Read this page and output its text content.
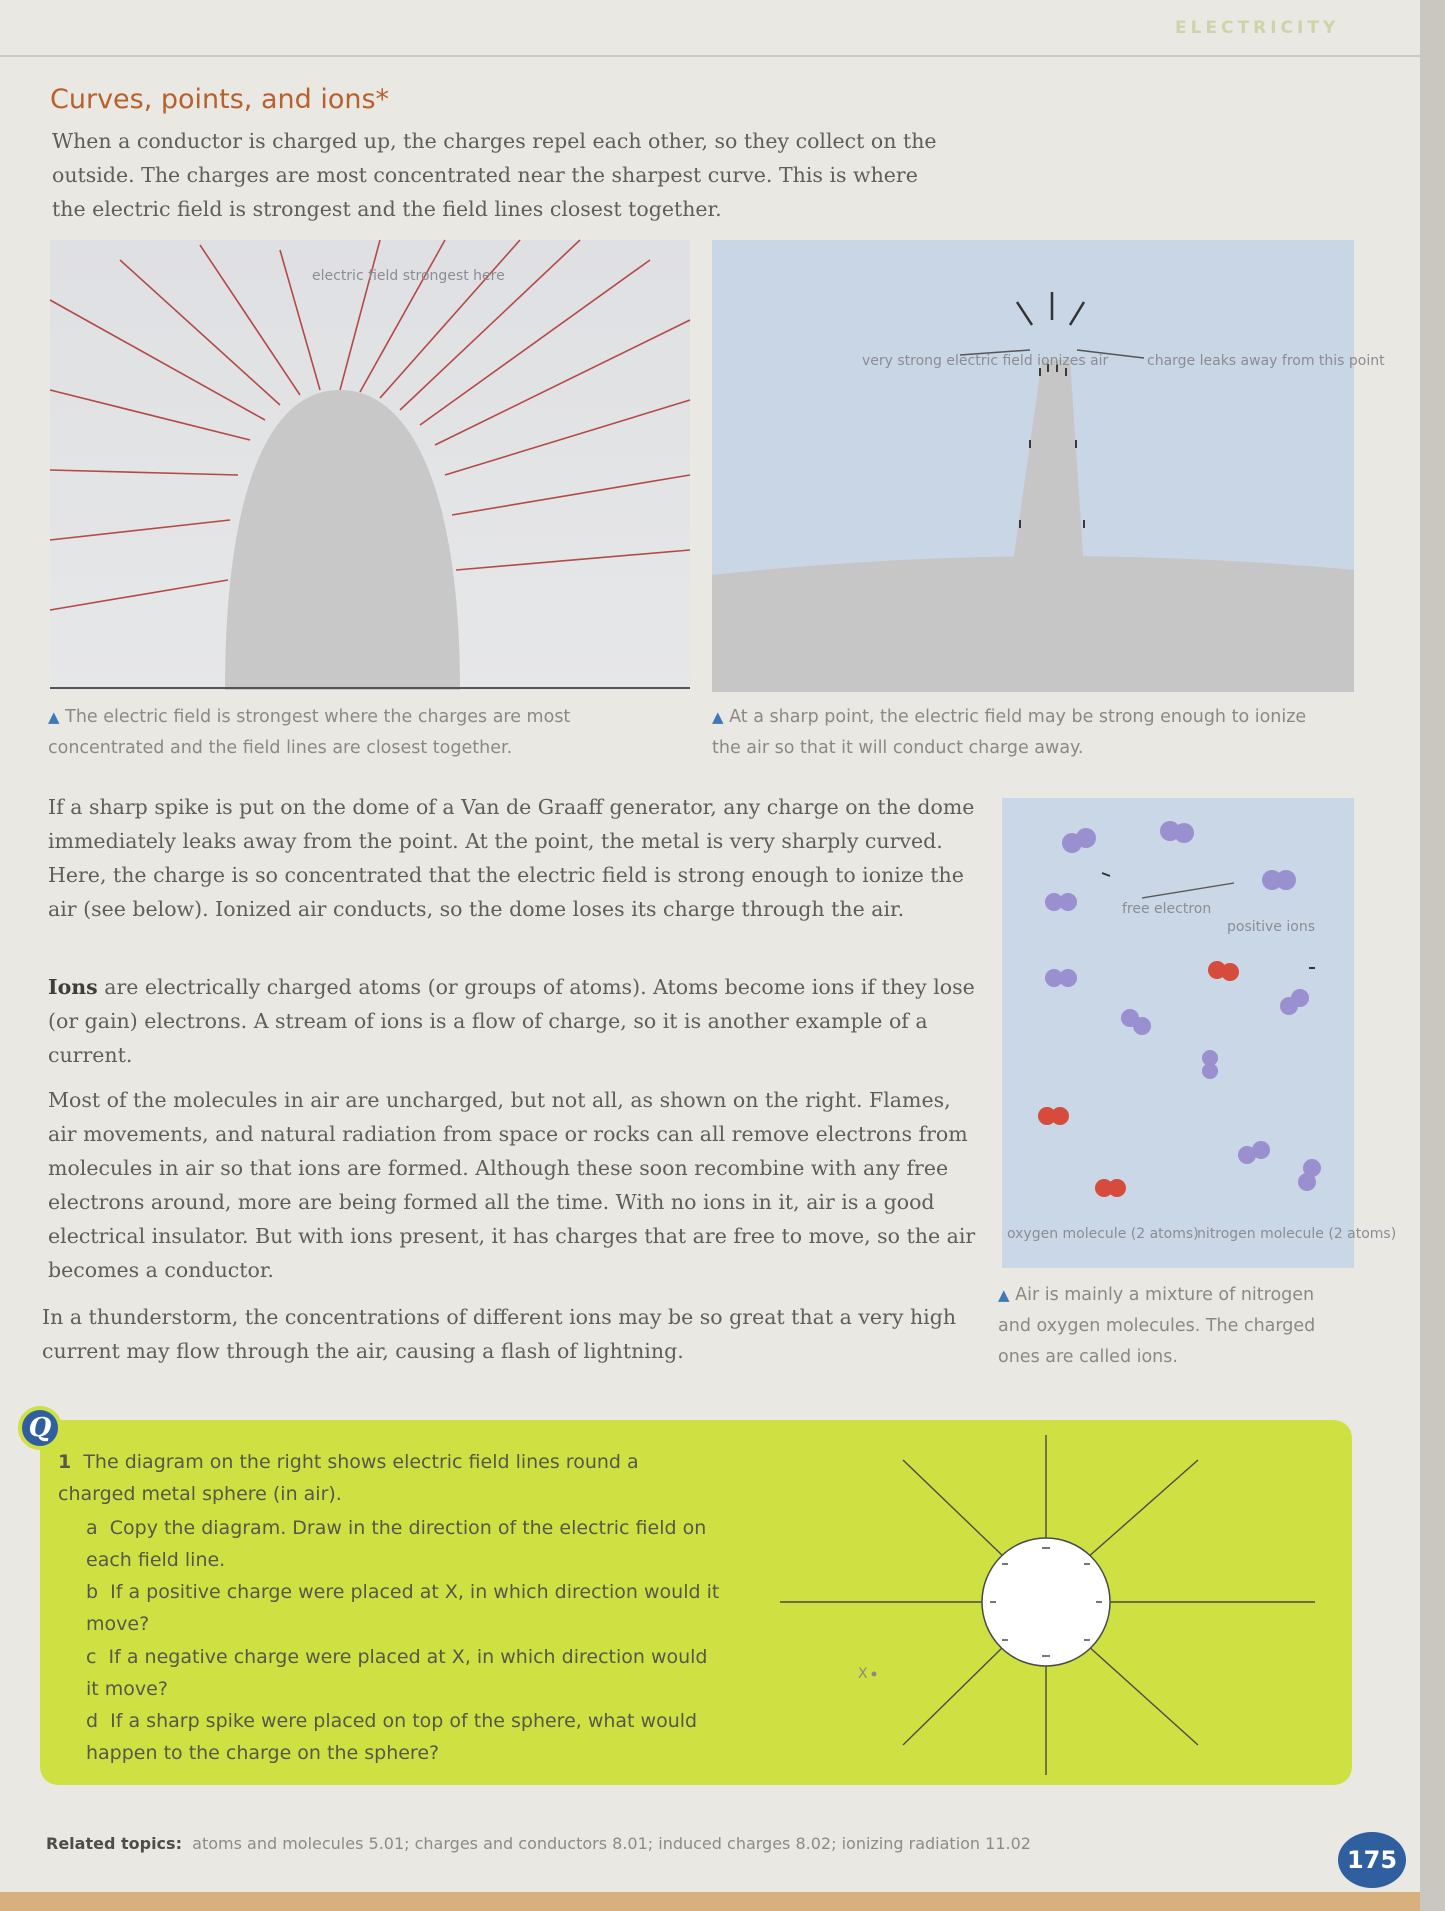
ELECTRICITY
Curves, points, and ions*

When a conductor is charged up, the charges repel each other, so they collect on the outside. The charges are most concentrated near the sharpest curve. This is where the electric field is strongest and the field lines closest together.

electric field strongest here

▲ The electric field is strongest where the charges are most concentrated and the field lines are closest together.

very strong electric field ionizes air	charge leaks away from this point

▲ At a sharp point, the electric field may be strong enough to ionize the air so that it will conduct charge away.

If a sharp spike is put on the dome of a Van de Graaff generator, any charge on the dome immediately leaks away from the point. At the point, the metal is very sharply curved. Here, the charge is so concentrated that the electric field is strong enough to ionize the air (see below). Ionized air conducts, so the dome loses its charge through the air.

Ions are electrically charged atoms (or groups of atoms). Atoms become ions if they lose (or gain) electrons. A stream of ions is a flow of charge, so it is another example of a current.

Most of the molecules in air are uncharged, but not all, as shown on the right. Flames, air movements, and natural radiation from space or rocks can all remove electrons from molecules in air so that ions are formed. Although these soon recombine with any free electrons around, more are being formed all the time. With no ions in it, air is a good electrical insulator. But with ions present, it has charges that are free to move, so the air becomes a conductor.

In a thunderstorm, the concentrations of different ions may be so great that a very high current may flow through the air, causing a flash of lightning.

free electron
positive ions
oxygen molecule (2 atoms)
nitrogen molecule (2 atoms)

▲ Air is mainly a mixture of nitrogen and oxygen molecules. The charged ones are called ions.

Q

1 The diagram on the right shows electric field lines round a charged metal sphere (in air).

a Copy the diagram. Draw in the direction of the electric field on each field line.

b If a positive charge were placed at X, in which direction would it move?

c If a negative charge were placed at X, in which direction would it move?

d If a sharp spike were placed on top of the sphere, what would happen to the charge on the sphere?

X

Related topics: atoms and molecules 5.01; charges and conductors 8.01; induced charges 8.02; ionizing radiation 11.02

175
